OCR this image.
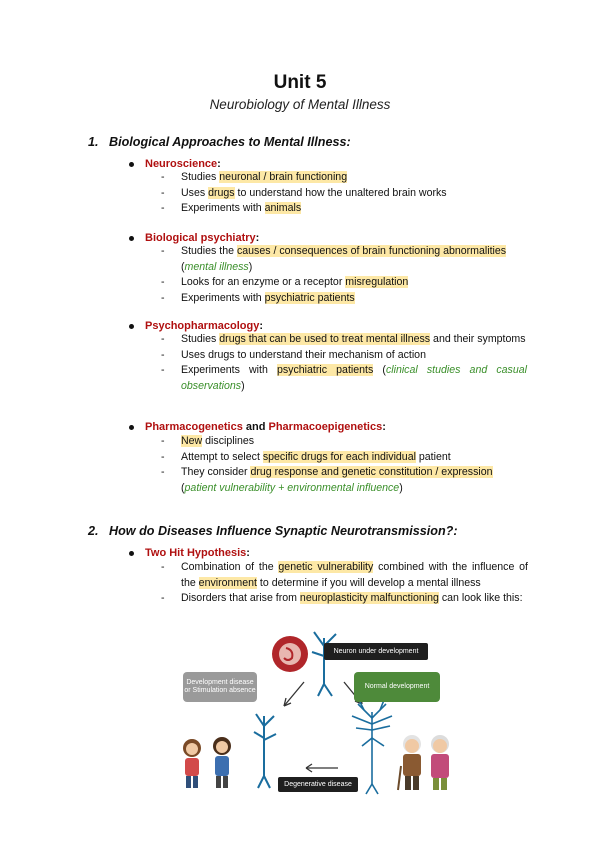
Unit 5
Neurobiology of Mental Illness
1. Biological Approaches to Mental Illness:
Neuroscience:
- Studies neuronal / brain functioning
- Uses drugs to understand how the unaltered brain works
- Experiments with animals
Biological psychiatry:
- Studies the causes / consequences of brain functioning abnormalities
(mental illness)
- Looks for an enzyme or a receptor misregulation
- Experiments with psychiatric patients
Psychopharmacology:
- Studies drugs that can be used to treat mental illness and their symptoms
- Uses drugs to understand their mechanism of action
- Experiments with psychiatric patients (clinical studies and casual observations)
Pharmacogenetics and Pharmacoepigenetics:
- New disciplines
- Attempt to select specific drugs for each individual patient
- They consider drug response and genetic constitution / expression
(patient vulnerability + environmental influence)
2. How do Diseases Influence Synaptic Neurotransmission?:
Two Hit Hypothesis:
- Combination of the genetic vulnerability combined with the influence of the environment to determine if you will develop a mental illness
- Disorders that arise from neuroplasticity malfunctioning can look like this:
Neuron under development
Development disease or Stimulation absence
Normal development
Degenerative disease
